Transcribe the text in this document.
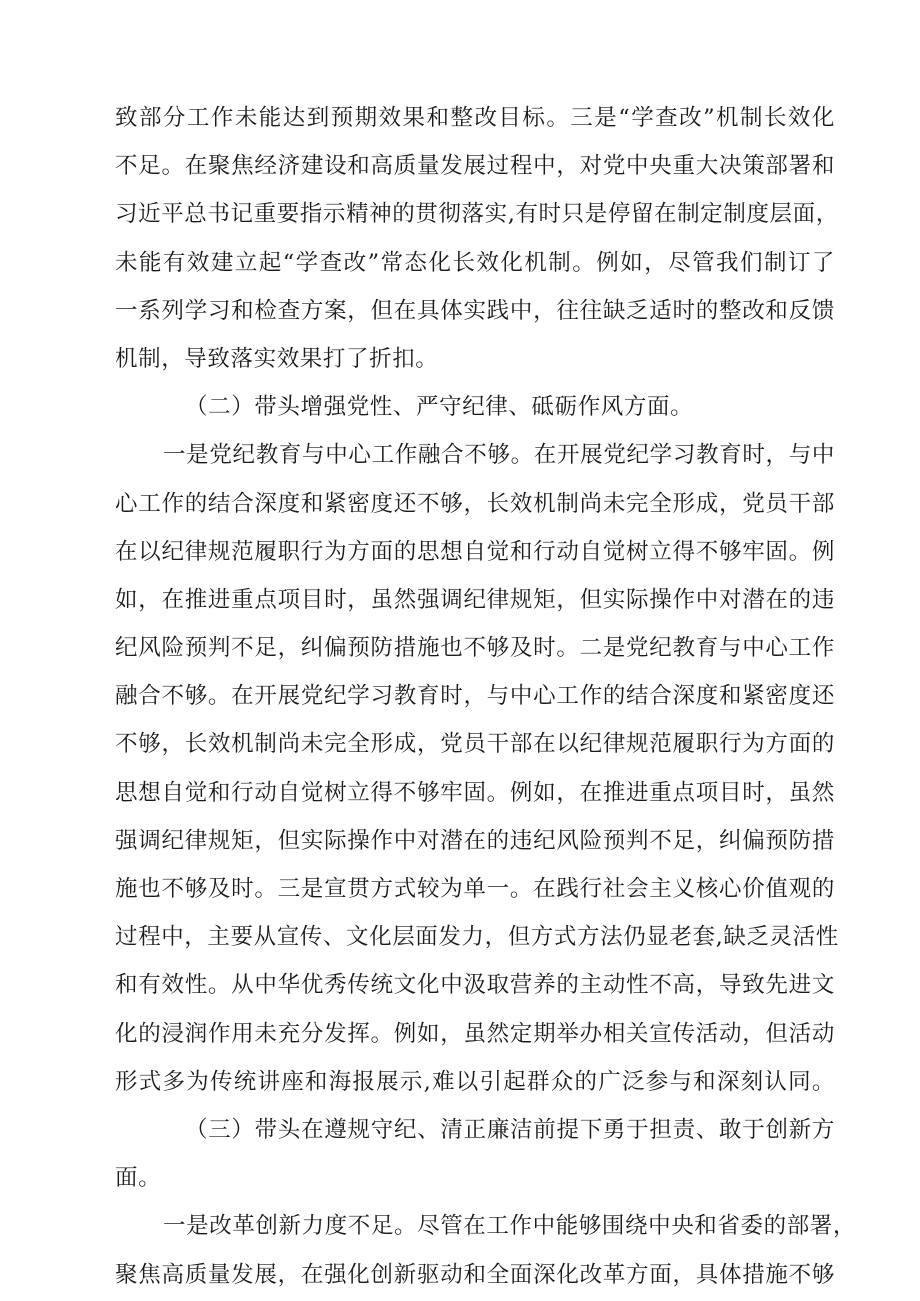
致部分工作未能达到预期效果和整改目标。三是“学查改”机制长效化
不足。在聚焦经济建设和高质量发展过程中，对党中央重大决策部署和
习近平总书记重要指示精神的贯彻落实,有时只是停留在制定制度层面，
未能有效建立起“学查改”常态化长效化机制。例如，尽管我们制订了
一系列学习和检查方案，但在具体实践中，往往缺乏适时的整改和反馈
机制，导致落实效果打了折扣。
（二）带头增强党性、严守纪律、砥砺作风方面。
一是党纪教育与中心工作融合不够。在开展党纪学习教育时，与中
心工作的结合深度和紧密度还不够，长效机制尚未完全形成，党员干部
在以纪律规范履职行为方面的思想自觉和行动自觉树立得不够牢固。例
如，在推进重点项目时，虽然强调纪律规矩，但实际操作中对潜在的违
纪风险预判不足，纠偏预防措施也不够及时。二是党纪教育与中心工作
融合不够。在开展党纪学习教育时，与中心工作的结合深度和紧密度还
不够，长效机制尚未完全形成，党员干部在以纪律规范履职行为方面的
思想自觉和行动自觉树立得不够牢固。例如，在推进重点项目时，虽然
强调纪律规矩，但实际操作中对潜在的违纪风险预判不足，纠偏预防措
施也不够及时。三是宣贯方式较为单一。在践行社会主义核心价值观的
过程中，主要从宣传、文化层面发力，但方式方法仍显老套,缺乏灵活性
和有效性。从中华优秀传统文化中汲取营养的主动性不高，导致先进文
化的浸润作用未充分发挥。例如，虽然定期举办相关宣传活动，但活动
形式多为传统讲座和海报展示,难以引起群众的广泛参与和深刻认同。
（三）带头在遵规守纪、清正廉洁前提下勇于担责、敢于创新方
面。
一是改革创新力度不足。尽管在工作中能够围绕中央和省委的部署，
聚焦高质量发展，在强化创新驱动和全面深化改革方面，具体措施不够
